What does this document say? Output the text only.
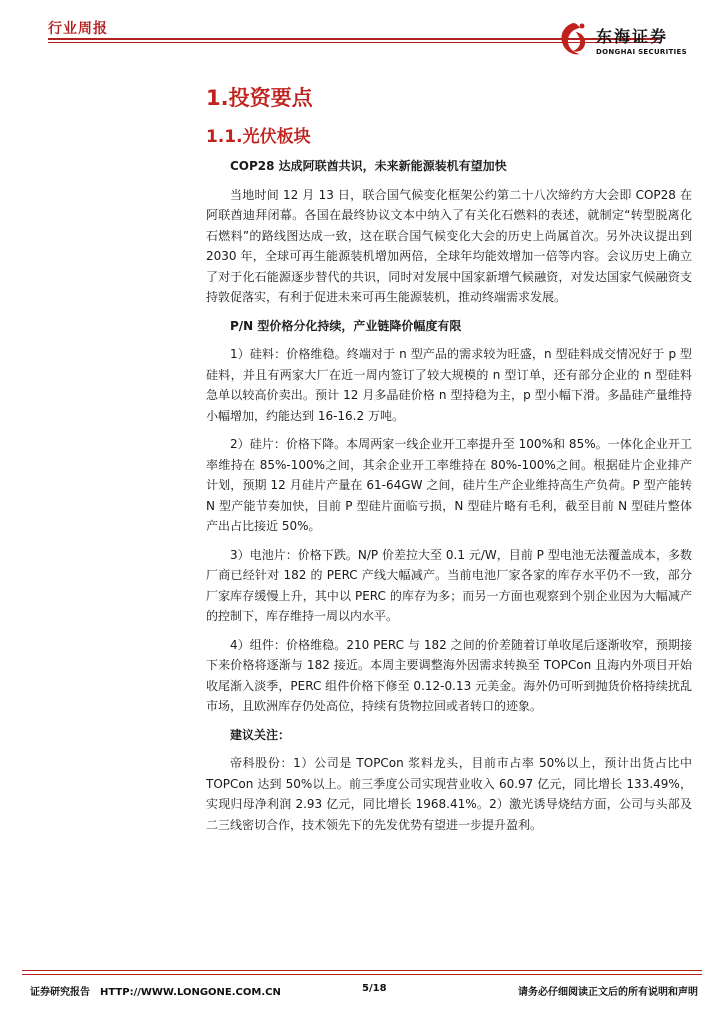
行业周报	东海证券
DONGHAI SECURITIES
1.投资要点
1.1.光伏板块

COP28 达成阿联酋共识，未来新能源装机有望加快

当地时间 12 月 13 日，联合国气候变化框架公约第二十八次缔约方大会即 COP28 在阿联酋迪拜闭幕。各国在最终协议文本中纳入了有关化石燃料的表述，就制定“转型脱离化石燃料”的路线图达成一致，这在联合国气候变化大会的历史上尚属首次。另外决议提出到 2030 年，全球可再生能源装机增加两倍，全球年均能效增加一倍等内容。会议历史上确立了对于化石能源逐步替代的共识，同时对发展中国家新增气候融资，对发达国家气候融资支持敦促落实，有利于促进未来可再生能源装机，推动终端需求发展。

P/N 型价格分化持续，产业链降价幅度有限

1）硅料：价格维稳。终端对于 n 型产品的需求较为旺盛，n 型硅料成交情况好于 p 型硅料，并且有两家大厂在近一周内签订了较大规模的 n 型订单，还有部分企业的 n 型硅料急单以较高价卖出。预计 12 月多晶硅价格 n 型持稳为主，p 型小幅下滑。多晶硅产量维持小幅增加，约能达到 16-16.2 万吨。

2）硅片：价格下降。本周两家一线企业开工率提升至 100%和 85%。一体化企业开工率维持在 85%-100%之间，其余企业开工率维持在 80%-100%之间。根据硅片企业排产计划，预期 12 月硅片产量在 61-64GW 之间，硅片生产企业维持高生产负荷。P 型产能转 N 型产能节奏加快，目前 P 型硅片面临亏损，N 型硅片略有毛利，截至目前 N 型硅片整体产出占比接近 50%。

3）电池片：价格下跌。N/P 价差拉大至 0.1 元/W，目前 P 型电池无法覆盖成本，多数厂商已经针对 182 的 PERC 产线大幅减产。当前电池厂家各家的库存水平仍不一致，部分厂家库存缓慢上升，其中以 PERC 的库存为多；而另一方面也观察到个别企业因为大幅减产的控制下，库存维持一周以内水平。

4）组件：价格维稳。210 PERC 与 182 之间的价差随着订单收尾后逐渐收窄，预期接下来价格将逐渐与 182 接近。本周主要调整海外因需求转换至 TOPCon 且海内外项目开始收尾渐入淡季，PERC 组件价格下修至 0.12-0.13 元美金。海外仍可听到抛货价格持续扰乱市场，且欧洲库存仍处高位，持续有货物拉回或者转口的迹象。

建议关注：

帝科股份：1）公司是 TOPCon 浆料龙头，目前市占率 50%以上，预计出货占比中 TOPCon 达到 50%以上。前三季度公司实现营业收入 60.97 亿元，同比增长 133.49%，实现归母净利润 2.93 亿元，同比增长 1968.41%。2）激光诱导烧结方面，公司与头部及二三线密切合作，技术领先下的先发优势有望进一步提升盈利。

证券研究报告　HTTP://WWW.LONGONE.COM.CN	5/18	请务必仔细阅读正文后的所有说明和声明
